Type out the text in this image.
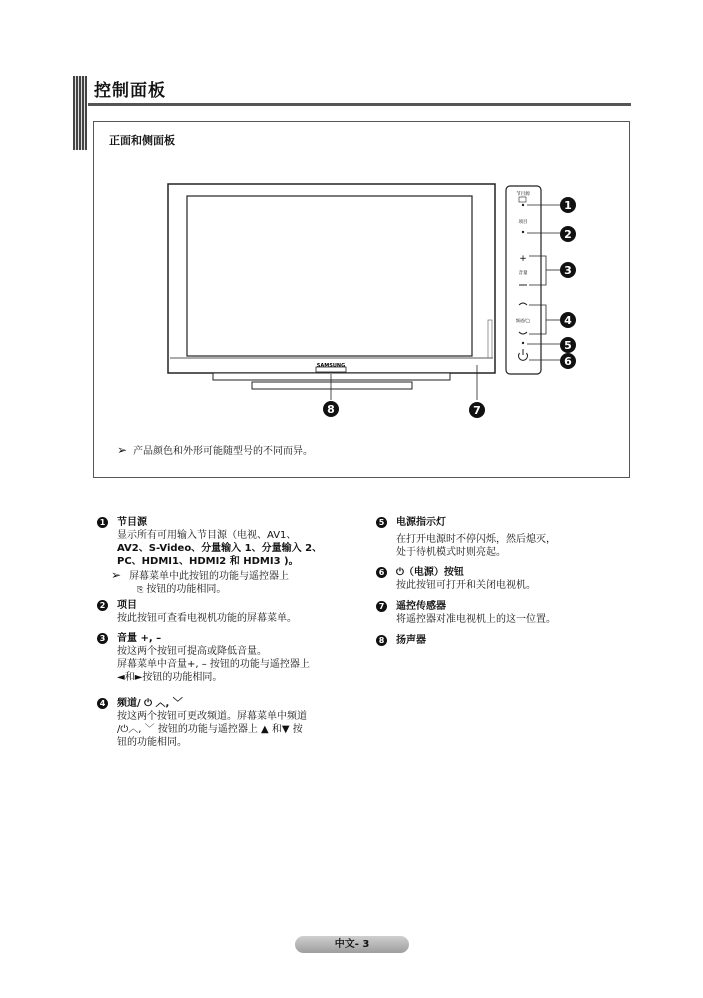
控制面板
正面和侧面板
SAMSUNG
节目源
项目
+
音量
频道/◯
1
2
3
4
5
6
7
8
➢ 产品颜色和外形可能随型号的不同而异。
1 节目源
显示所有可用输入节目源（电视、AV1、
AV2、S-Video、分量输入 1、分量输入 2、
PC、HDMI1、HDMI2 和 HDMI3 )。
➢ 屏幕菜单中此按钮的功能与遥控器上
⎘ 按钮的功能相同。
2 项目
按此按钮可查看电视机功能的屏幕菜单。
3 音量 +, –
按这两个按钮可提高或降低音量。
屏幕菜单中音量+, – 按钮的功能与遥控器上
◄和►按钮的功能相同。
4 频道/ ⏻ ︿, ﹀
按这两个按钮可更改频道。屏幕菜单中频道
/⏻︿, ﹀ 按钮的功能与遥控器上 ▲ 和▼ 按
钮的功能相同。
5 电源指示灯
在打开电源时不停闪烁，然后熄灭，
处于待机模式时则亮起。
6 ⏻（电源）按钮
按此按钮可打开和关闭电视机。
7 遥控传感器
将遥控器对准电视机上的这一位置。
8 扬声器
中文- 3
